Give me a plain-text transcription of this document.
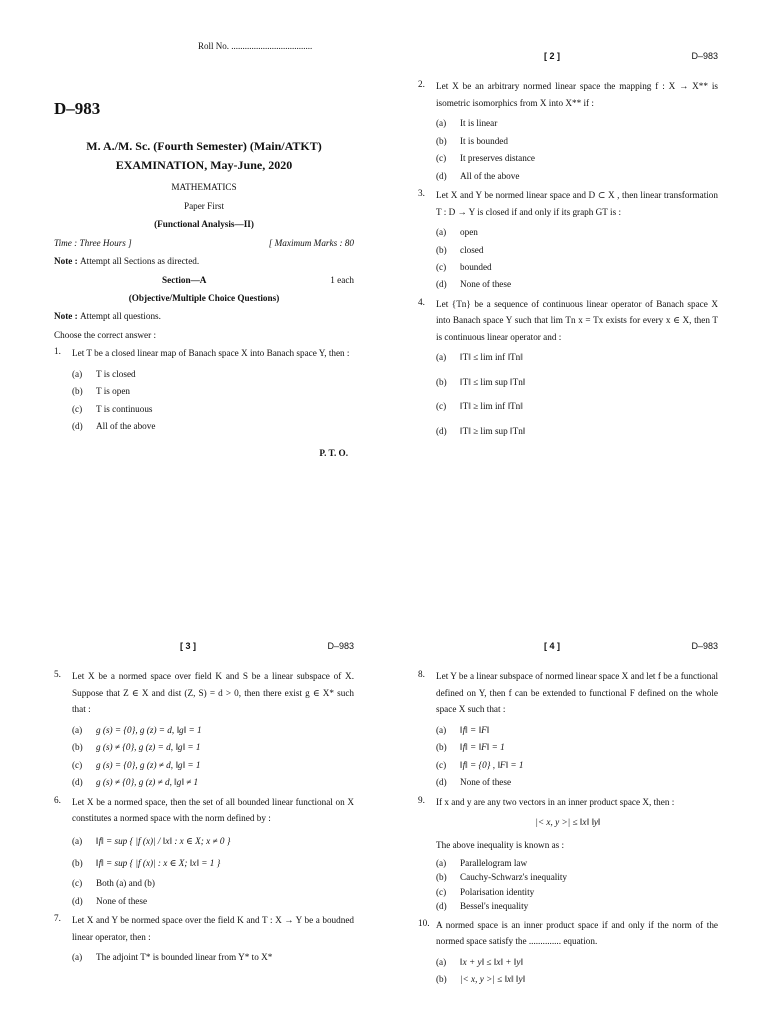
Roll No. ....................................
D–983
M. A./M. Sc. (Fourth Semester) (Main/ATKT)
EXAMINATION, May-June, 2020
MATHEMATICS
Paper First
(Functional Analysis—II)
Time : Three Hours ]	[ Maximum Marks : 80
Note :
Attempt all Sections as directed.
Section—A	1 each
(Objective/Multiple Choice Questions)
Note :
Attempt all questions.
Choose the correct answer :
1.	Let T be a closed linear map of Banach space X into Banach space Y, then :
(a)	T is closed
(b)	T is open
(c)	T is continuous
(d)	All of the above
P. T. O.
[ 2 ]	D–983
2.	Let X be an arbitrary normed linear space the mapping f : X → X** is isometric isomorphics from X into X** if :
(a)	It is linear
(b)	It is bounded
(c)	It preserves distance
(d)	All of the above
3.	Let X and Y be normed linear space and D ⊂ X , then linear transformation T : D → Y is closed if and only if its graph GT is :
(a)	open
(b)	closed
(c)	bounded
(d)	None of these
4.	Let {Tn} be a sequence of continuous linear operator of Banach space X into Banach space Y such that lim Tn x = Tx exists for every x ∈ X, then T is continuous linear operator and :
(a)	‖T‖ ≤ lim inf ‖Tn‖
(b)	‖T‖ ≤ lim sup ‖Tn‖
(c)	‖T‖ ≥ lim inf ‖Tn‖
(d)	‖T‖ ≥ lim sup ‖Tn‖
[ 3 ]	D–983
5.	Let X be a normed space over field K and S be a linear subspace of X. Suppose that Z ∈ X and dist (Z, S) = d > 0, then there exist g ∈ X* such that :
(a)	g (s) = {0}, g (z) = d, ‖g‖ = 1
(b)	g (s) ≠ {0}, g (z) = d, ‖g‖ = 1
(c)	g (s) = {0}, g (z) ≠ d, ‖g‖ = 1
(d)	g (s) ≠ {0}, g (z) ≠ d, ‖g‖ ≠ 1
6.	Let X be a normed space, then the set of all bounded linear functional on X constitutes a normed space with the norm defined by :
(a)	‖f‖ = sup { |f (x)| / ‖x‖ : x ∈ X; x ≠ 0 }
(b)	‖f‖ = sup { |f (x)| : x ∈ X; ‖x‖ = 1 }
(c)	Both (a) and (b)
(d)	None of these
7.	Let X and Y be normed space over the field K and T : X → Y be a boudned linear operator, then :
(a)	The adjoint T* is bounded linear from Y* to X*
[ 4 ]	D–983
8.	Let Y be a linear subspace of normed linear space X and let f be a functional defined on Y, then f can be extended to functional F defined on the whole space X such that :
(a)	‖f‖ = ‖F‖
(b)	‖f‖ = ‖F‖ = 1
(c)	‖f‖ = {0} , ‖F‖ = 1
(d)	None of these
9.	If x and y are any two vectors in an inner product space X, then :
|< x, y >| ≤ ‖x‖ ‖y‖
The above inequality is known as :
(a)	Parallelogram law
(b)	Cauchy-Schwarz's inequality
(c)	Polarisation identity
(d)	Bessel's inequality
10. A normed space is an inner product space if and only if the norm of the normed space satisfy the .............. equation.
(a)	‖x + y‖ ≤ ‖x‖ + ‖y‖
(b)	|< x, y >| ≤ ‖x‖ ‖y‖
